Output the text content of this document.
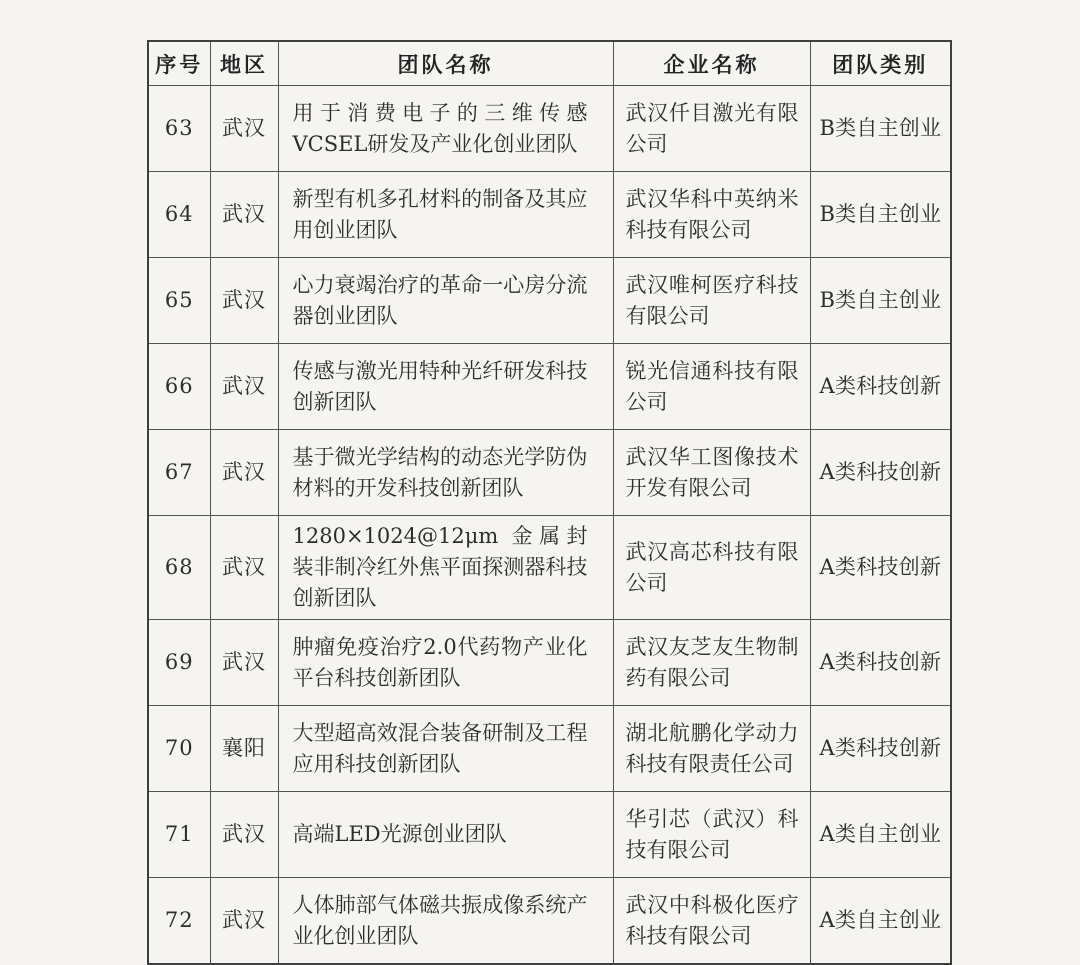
序号	地区	团队名称	企业名称	团队类别
63	武汉	用于消费电子的三维传感VCSEL研发及产业化创业团队	武汉仟目激光有限公司	B类自主创业
64	武汉	新型有机多孔材料的制备及其应用创业团队	武汉华科中英纳米科技有限公司	B类自主创业
65	武汉	心力衰竭治疗的革命一心房分流器创业团队	武汉唯柯医疗科技有限公司	B类自主创业
66	武汉	传感与激光用特种光纤研发科技创新团队	锐光信通科技有限公司	A类科技创新
67	武汉	基于微光学结构的动态光学防伪材料的开发科技创新团队	武汉华工图像技术开发有限公司	A类科技创新
68	武汉	1280×1024@12μm 金属封装非制冷红外焦平面探测器科技创新团队	武汉高芯科技有限公司	A类科技创新
69	武汉	肿瘤免疫治疗2.0代药物产业化平台科技创新团队	武汉友芝友生物制药有限公司	A类科技创新
70	襄阳	大型超高效混合装备研制及工程应用科技创新团队	湖北航鹏化学动力科技有限责任公司	A类科技创新
71	武汉	高端LED光源创业团队	华引芯（武汉）科技有限公司	A类自主创业
72	武汉	人体肺部气体磁共振成像系统产业化创业团队	武汉中科极化医疗科技有限公司	A类自主创业
